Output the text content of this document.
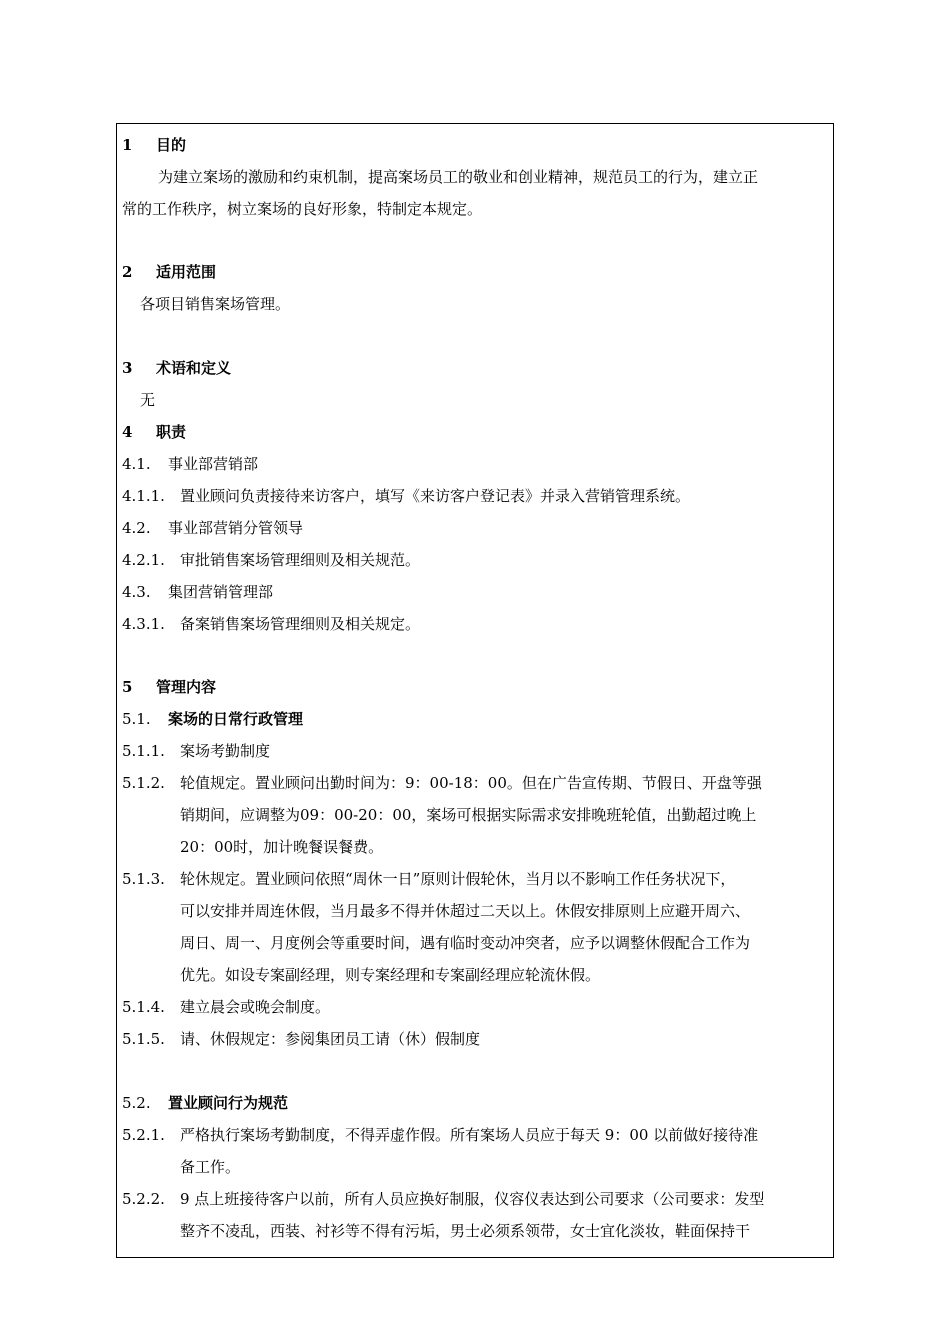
1 目的
为建立案场的激励和约束机制，提高案场员工的敬业和创业精神，规范员工的行为，建立正
常的工作秩序，树立案场的良好形象，特制定本规定。
2 适用范围
各项目销售案场管理。
3 术语和定义
无
4 职责
4.1. 事业部营销部
4.1.1. 置业顾问负责接待来访客户，填写《来访客户登记表》并录入营销管理系统。
4.2. 事业部营销分管领导
4.2.1. 审批销售案场管理细则及相关规范。
4.3. 集团营销管理部
4.3.1. 备案销售案场管理细则及相关规定。
5 管理内容
5.1. 案场的日常行政管理
5.1.1. 案场考勤制度
5.1.2. 轮值规定。置业顾问出勤时间为：9：00-18：00。但在广告宣传期、节假日、开盘等强
销期间，应调整为09：00-20：00，案场可根据实际需求安排晚班轮值，出勤超过晚上
20：00时，加计晚餐误餐费。
5.1.3. 轮休规定。置业顾问依照“周休一日”原则计假轮休，当月以不影响工作任务状况下，
可以安排并周连休假，当月最多不得并休超过二天以上。休假安排原则上应避开周六、
周日、周一、月度例会等重要时间，遇有临时变动冲突者，应予以调整休假配合工作为
优先。如设专案副经理，则专案经理和专案副经理应轮流休假。
5.1.4. 建立晨会或晚会制度。
5.1.5. 请、休假规定：参阅集团员工请（休）假制度
5.2. 置业顾问行为规范
5.2.1. 严格执行案场考勤制度，不得弄虚作假。所有案场人员应于每天 9：00 以前做好接待准
备工作。
5.2.2. 9 点上班接待客户以前，所有人员应换好制服，仪容仪表达到公司要求（公司要求：发型
整齐不凌乱，西装、衬衫等不得有污垢，男士必须系领带，女士宜化淡妆，鞋面保持干
